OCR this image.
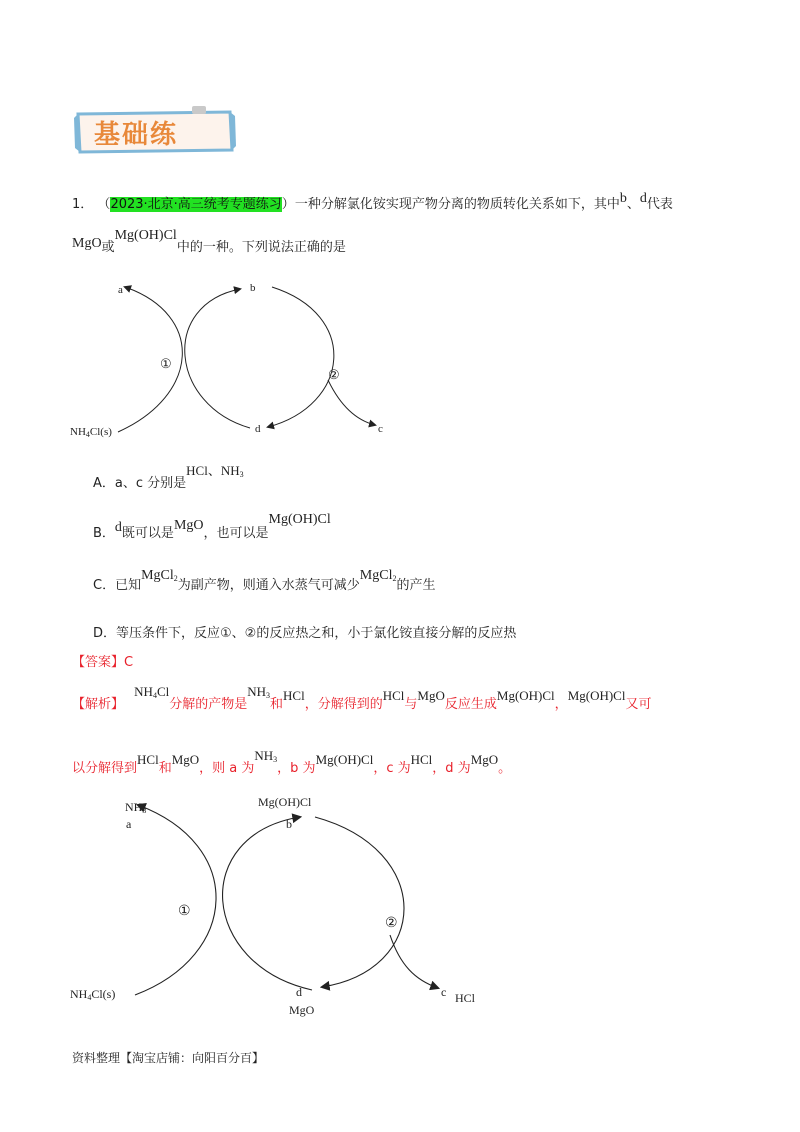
基础练
1． （2023·北京·高三统考专题练习）一种分解氯化铵实现产物分离的物质转化关系如下，其中b、d代表
MgO或Mg(OH)Cl中的一种。下列说法正确的是
a	b
①
②
d	c
$NH_4Cl(s)$
A．a、c 分别是HCl、$NH_3$
B．d既可以是MgO，也可以是Mg(OH)Cl
C．已知MgCl$_2$为副产物，则通入水蒸气可减少MgCl$_2$的产生
D．等压条件下，反应①、②的反应热之和，小于氯化铵直接分解的反应热
【答案】C
【解析】 $NH_4Cl$分解的产物是$NH_3$和HCl，分解得到的HCl与MgO反应生成Mg(OH)Cl，Mg(OH)Cl又可
以分解得到HCl和MgO，则 a 为$NH_3$，b 为Mg(OH)Cl，c 为HCl，d 为MgO。
$NH_3$
a
Mg(OH)Cl
b
①
②
$NH_4Cl(s)$	d
MgO
c HCl
资料整理【淘宝店铺：向阳百分百】
